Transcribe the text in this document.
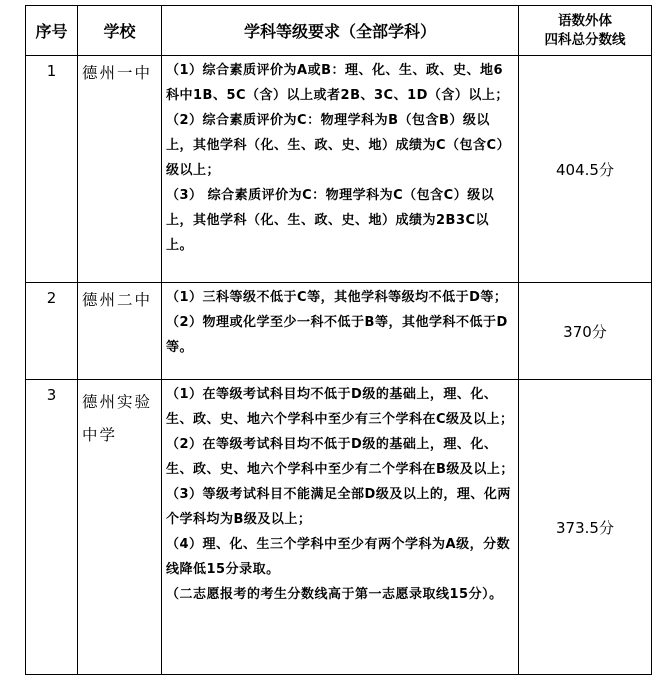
序号	学校	学科等级要求（全部学科）	语数外体
四科总分数线

1	德州一中	（1）综合素质评价为A或B：理、化、生、政、史、地6科中1B、5C（含）以上或者2B、3C、1D（含）以上；
（2）综合素质评价为C：物理学科为B（包含B）级以上，其他学科（化、生、政、史、地）成绩为C（包含C）级以上；
（3） 综合素质评价为C：物理学科为C（包含C）级以上，其他学科（化、生、政、史、地）成绩为2B3C以上。	404.5分
2	德州二中	（1）三科等级不低于C等，其他学科等级均不低于D等；
（2）物理或化学至少一科不低于B等，其他学科不低于D等。	370分
3	德州实验中学	（1）在等级考试科目均不低于D级的基础上，理、化、生、政、史、地六个学科中至少有三个学科在C级及以上；
（2）在等级考试科目均不低于D级的基础上，理、化、生、政、史、地六个学科中至少有二个学科在B级及以上；
（3）等级考试科目不能满足全部D级及以上的，理、化两个学科均为B级及以上；
（4）理、化、生三个学科中至少有两个学科为A级，分数线降低15分录取。
（二志愿报考的考生分数线高于第一志愿录取线15分）。	373.5分
